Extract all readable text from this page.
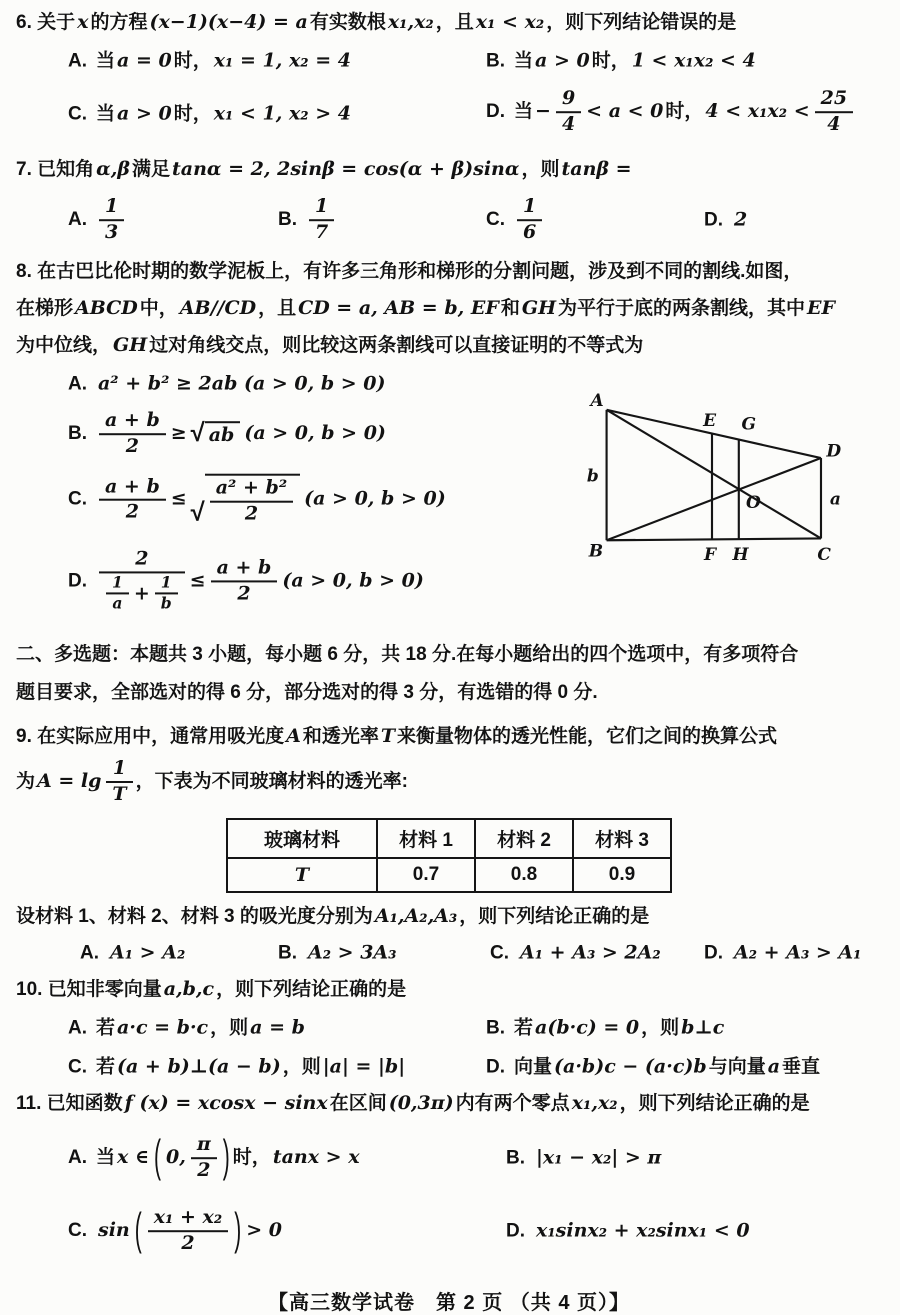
6. 关于 x 的方程 (x−1)(x−4) = a 有实数根 x₁,x₂ ，且 x₁ < x₂ ，则下列结论错误的是
A. 当 a = 0 时， x₁ = 1, x₂ = 4	B. 当 a > 0 时， 1 < x₁x₂ < 4
C. 当 a > 0 时， x₁ < 1, x₂ > 4	D. 当 − $\frac{9}{4} < a < 0$ 时， $4 < x_1x_2 < \frac{25}{4}$
7. 已知角 α,β 满足 tanα = 2, 2sinβ = cos(α + β)sinα ，则 tanβ =
A. $\frac{1}{3}$	B. $\frac{1}{7}$	C. $\frac{1}{6}$	D. 2
8. 在古巴比伦时期的数学泥板上，有许多三角形和梯形的分割问题，涉及到不同的割线.如图，
在梯形 ABCD 中， AB//CD ，且 CD = a, AB = b, EF 和 GH 为平行于底的两条割线，其中 EF
为中位线， GH 过对角线交点，则比较这两条割线可以直接证明的不等式为
A. a² + b² ≥ 2ab (a > 0, b > 0)
B. $\frac{a + b}{2}$ ≥ √ ab (a > 0, b > 0)
C. $\frac{a + b}{2}$ ≤ √ $\frac{\text{a² + b²}}{2} (a > 0$, b > 0)
D. $\frac{2}{\frac{1}{a} + \frac{1}{b}} \le \frac{a + b}{2} (a > 0$, b > 0)
A
b
B
E G
D
a
O
F H	C
二、多选题：本题共 3 小题，每小题 6 分，共 18 分.在每小题给出的四个选项中，有多项符合
题目要求，全部选对的得 6 分，部分选对的得 3 分，有选错的得 0 分.
9. 在实际应用中，通常用吸光度 A 和透光率 T 来衡量物体的透光性能，它们之间的换算公式
为 $A = \lg \frac{1}{T}$ ，下表为不同玻璃材料的透光率:
玻璃材料	材料 1	材料 2	材料 3
T	0.7	0.8	0.9
设材料 1、材料 2、材料 3 的吸光度分别为 A₁,A₂,A₃ ，则下列结论正确的是
A. A₁ > A₂	B. A₂ > 3A₃	C. A₁ + A₃ > 2A₂ D. A₂ + A₃ > A₁
10. 已知非零向量 a,b,c ，则下列结论正确的是
A. 若 a·c = b·c ，则 a = b	B. 若 a(b·c) = 0 ，则 b⊥c
C. 若 (a + b)⊥(a − b) ，则 |a| = |b|	D. 向量 (a·b)c − (a·c)b 与向量 a 垂直
11. 已知函数 f (x) = xcosx − sinx 在区间 (0,3π) 内有两个零点 x₁,x₂ ，则下列结论正确的是
A. 当 x ∈ ( 0, $\frac{\pi}{2}$ ) 时， tanx > x	B. |x₁ − x₂| > π
C. sin ( $\frac{\text{x₁ + x₂}}{2}$ ) > 0	D. x₁sinx₂ + x₂sinx₁ < 0
【高三数学试卷　第 2 页 （共 4 页）】
